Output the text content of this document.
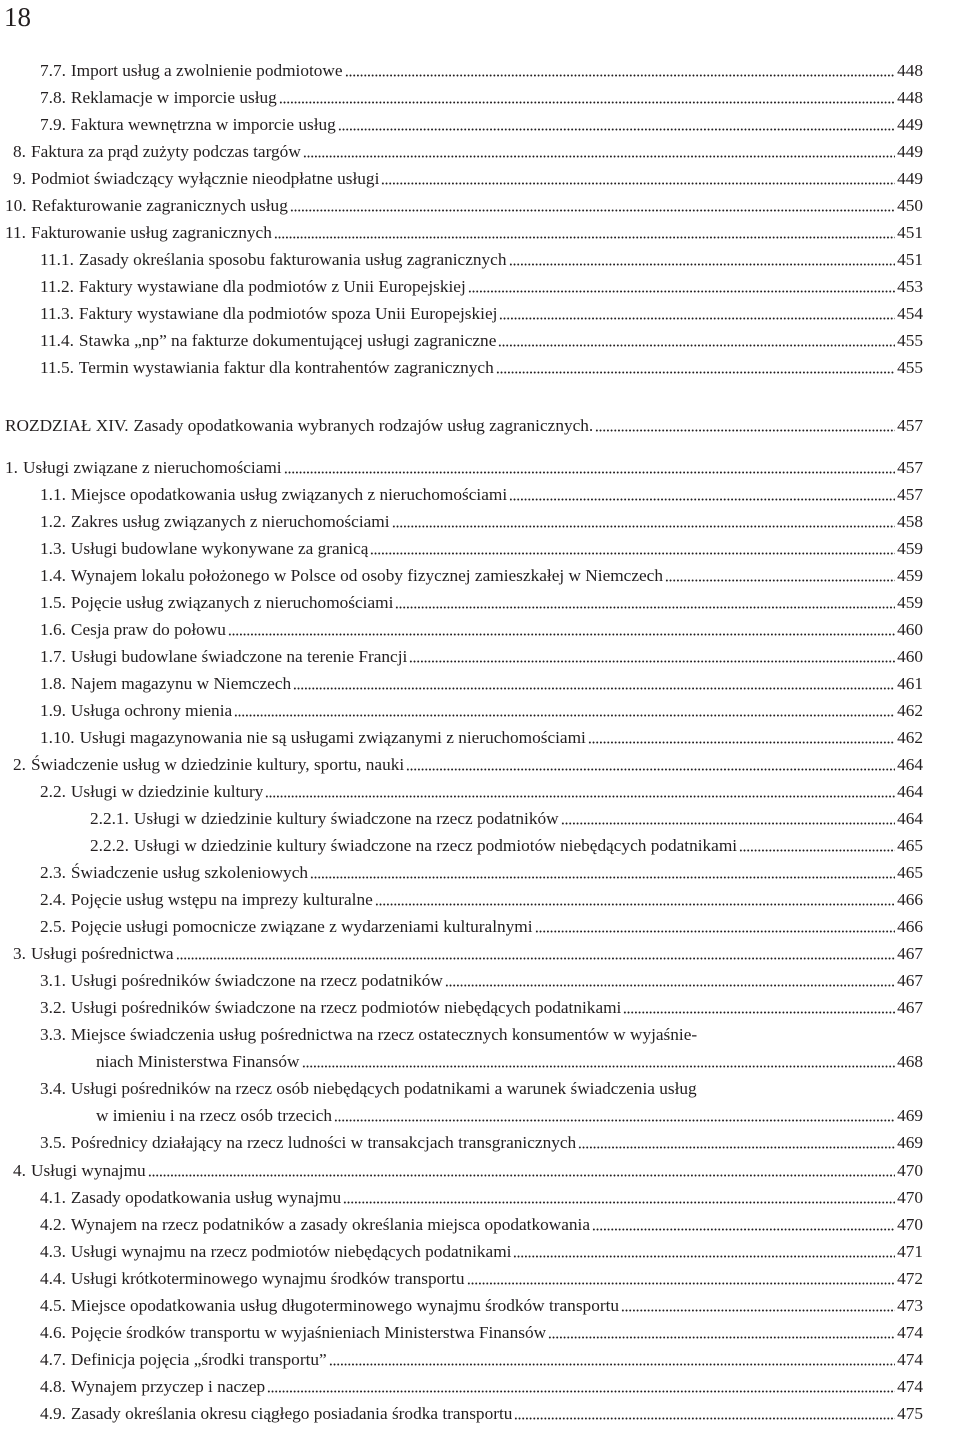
18
7.7. Import usług a zwolnienie podmiotowe	448
7.8. Reklamacje w imporcie usług	448
7.9. Faktura wewnętrzna w imporcie usług	449
8. Faktura za prąd zużyty podczas targów	449
9. Podmiot świadczący wyłącznie nieodpłatne usługi	449
10. Refakturowanie zagranicznych usług	450
11. Fakturowanie usług zagranicznych	451
11.1. Zasady określania sposobu fakturowania usług zagranicznych	451
11.2. Faktury wystawiane dla podmiotów z Unii Europejskiej	453
11.3. Faktury wystawiane dla podmiotów spoza Unii Europejskiej	454
11.4. Stawka „np” na fakturze dokumentującej usługi zagraniczne	455
11.5. Termin wystawiania faktur dla kontrahentów zagranicznych	455
ROZDZIAŁ XIV. Zasady opodatkowania wybranych rodzajów usług zagranicznych.	457
1. Usługi związane z nieruchomościami	457
1.1. Miejsce opodatkowania usług związanych z nieruchomościami	457
1.2. Zakres usług związanych z nieruchomościami	458
1.3. Usługi budowlane wykonywane za granicą	459
1.4. Wynajem lokalu położonego w Polsce od osoby fizycznej zamieszkałej w Niemczech	459
1.5. Pojęcie usług związanych z nieruchomościami	459
1.6. Cesja praw do połowu	460
1.7. Usługi budowlane świadczone na terenie Francji	460
1.8. Najem magazynu w Niemczech	461
1.9. Usługa ochrony mienia	462
1.10. Usługi magazynowania nie są usługami związanymi z nieruchomościami	462
2. Świadczenie usług w dziedzinie kultury, sportu, nauki	464
2.2. Usługi w dziedzinie kultury	464
2.2.1. Usługi w dziedzinie kultury świadczone na rzecz podatników	464
2.2.2. Usługi w dziedzinie kultury świadczone na rzecz podmiotów niebędących podatnikami	465
2.3. Świadczenie usług szkoleniowych	465
2.4. Pojęcie usług wstępu na imprezy kulturalne	466
2.5. Pojęcie usługi pomocnicze związane z wydarzeniami kulturalnymi	466
3. Usługi pośrednictwa	467
3.1. Usługi pośredników świadczone na rzecz podatników	467
3.2. Usługi pośredników świadczone na rzecz podmiotów niebędących podatnikami	467
3.3. Miejsce świadczenia usług pośrednictwa na rzecz ostatecznych konsumentów w wyjaśnie-
niach Ministerstwa Finansów	468
3.4. Usługi pośredników na rzecz osób niebędących podatnikami a warunek świadczenia usług
w imieniu i na rzecz osób trzecich	469
3.5. Pośrednicy działający na rzecz ludności w transakcjach transgranicznych	469
4. Usługi wynajmu	470
4.1. Zasady opodatkowania usług wynajmu	470
4.2. Wynajem na rzecz podatników a zasady określania miejsca opodatkowania	470
4.3. Usługi wynajmu na rzecz podmiotów niebędących podatnikami	471
4.4. Usługi krótkoterminowego wynajmu środków transportu	472
4.5. Miejsce opodatkowania usług długoterminowego wynajmu środków transportu	473
4.6. Pojęcie środków transportu w wyjaśnieniach Ministerstwa Finansów	474
4.7. Definicja pojęcia „środki transportu”	474
4.8. Wynajem przyczep i naczep	474
4.9. Zasady określania okresu ciągłego posiadania środka transportu	475
